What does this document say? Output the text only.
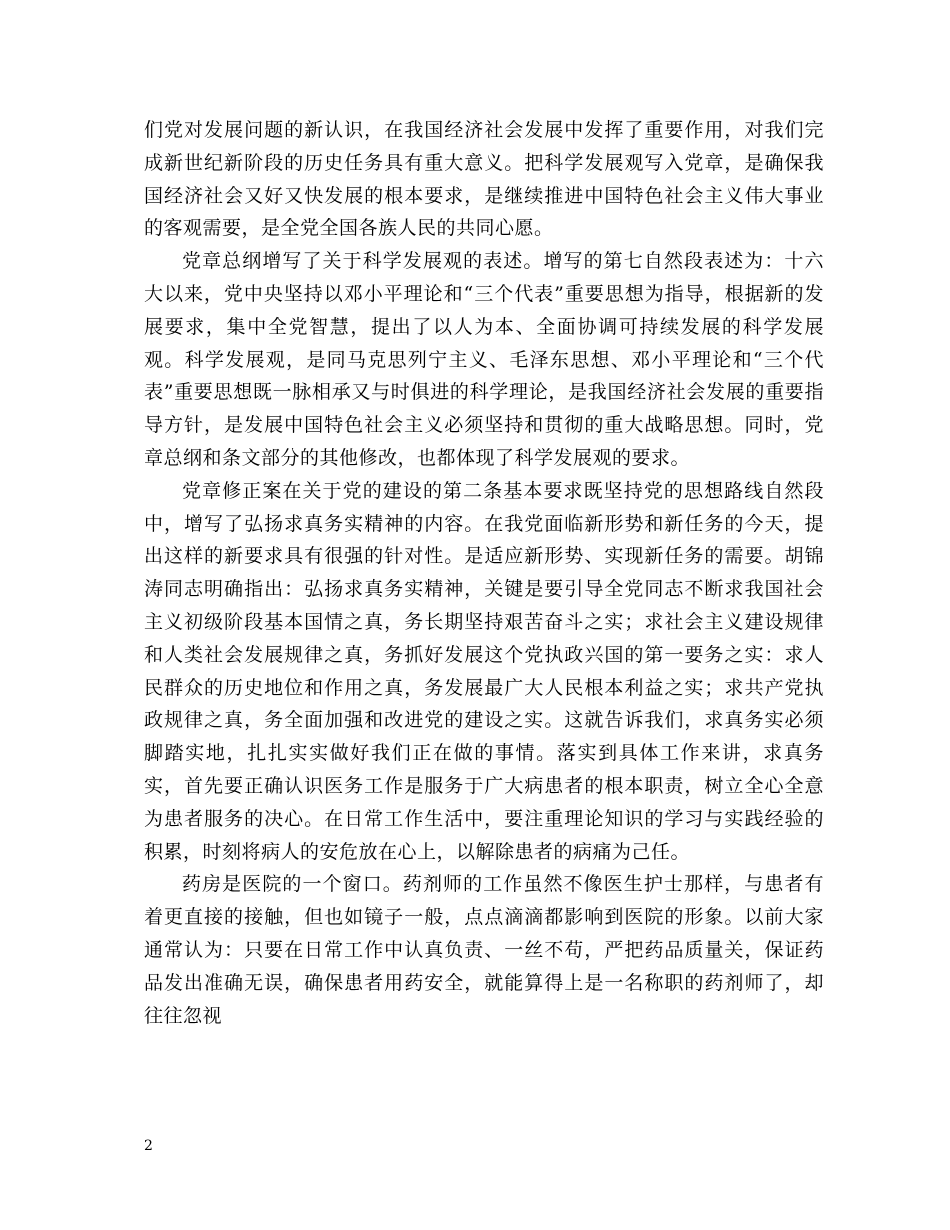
们党对发展问题的新认识，在我国经济社会发展中发挥了重要作用，对我们完成新世纪新阶段的历史任务具有重大意义。把科学发展观写入党章，是确保我国经济社会又好又快发展的根本要求，是继续推进中国特色社会主义伟大事业的客观需要，是全党全国各族人民的共同心愿。

党章总纲增写了关于科学发展观的表述。增写的第七自然段表述为：十六大以来，党中央坚持以邓小平理论和“三个代表”重要思想为指导，根据新的发展要求，集中全党智慧，提出了以人为本、全面协调可持续发展的科学发展观。科学发展观，是同马克思列宁主义、毛泽东思想、邓小平理论和“三个代表”重要思想既一脉相承又与时俱进的科学理论，是我国经济社会发展的重要指导方针，是发展中国特色社会主义必须坚持和贯彻的重大战略思想。同时，党章总纲和条文部分的其他修改，也都体现了科学发展观的要求。

党章修正案在关于党的建设的第二条基本要求既坚持党的思想路线自然段中，增写了弘扬求真务实精神的内容。在我党面临新形势和新任务的今天，提出这样的新要求具有很强的针对性。是适应新形势、实现新任务的需要。胡锦涛同志明确指出：弘扬求真务实精神，关键是要引导全党同志不断求我国社会主义初级阶段基本国情之真，务长期坚持艰苦奋斗之实；求社会主义建设规律和人类社会发展规律之真，务抓好发展这个党执政兴国的第一要务之实：求人民群众的历史地位和作用之真，务发展最广大人民根本利益之实；求共产党执政规律之真，务全面加强和改进党的建设之实。这就告诉我们，求真务实必须脚踏实地，扎扎实实做好我们正在做的事情。落实到具体工作来讲，求真务实，首先要正确认识医务工作是服务于广大病患者的根本职责，树立全心全意为患者服务的决心。在日常工作生活中，要注重理论知识的学习与实践经验的积累，时刻将病人的安危放在心上，以解除患者的病痛为己任。

药房是医院的一个窗口。药剂师的工作虽然不像医生护士那样，与患者有着更直接的接触，但也如镜子一般，点点滴滴都影响到医院的形象。以前大家通常认为：只要在日常工作中认真负责、一丝不苟，严把药品质量关，保证药品发出准确无误，确保患者用药安全，就能算得上是一名称职的药剂师了，却往往忽视

2
